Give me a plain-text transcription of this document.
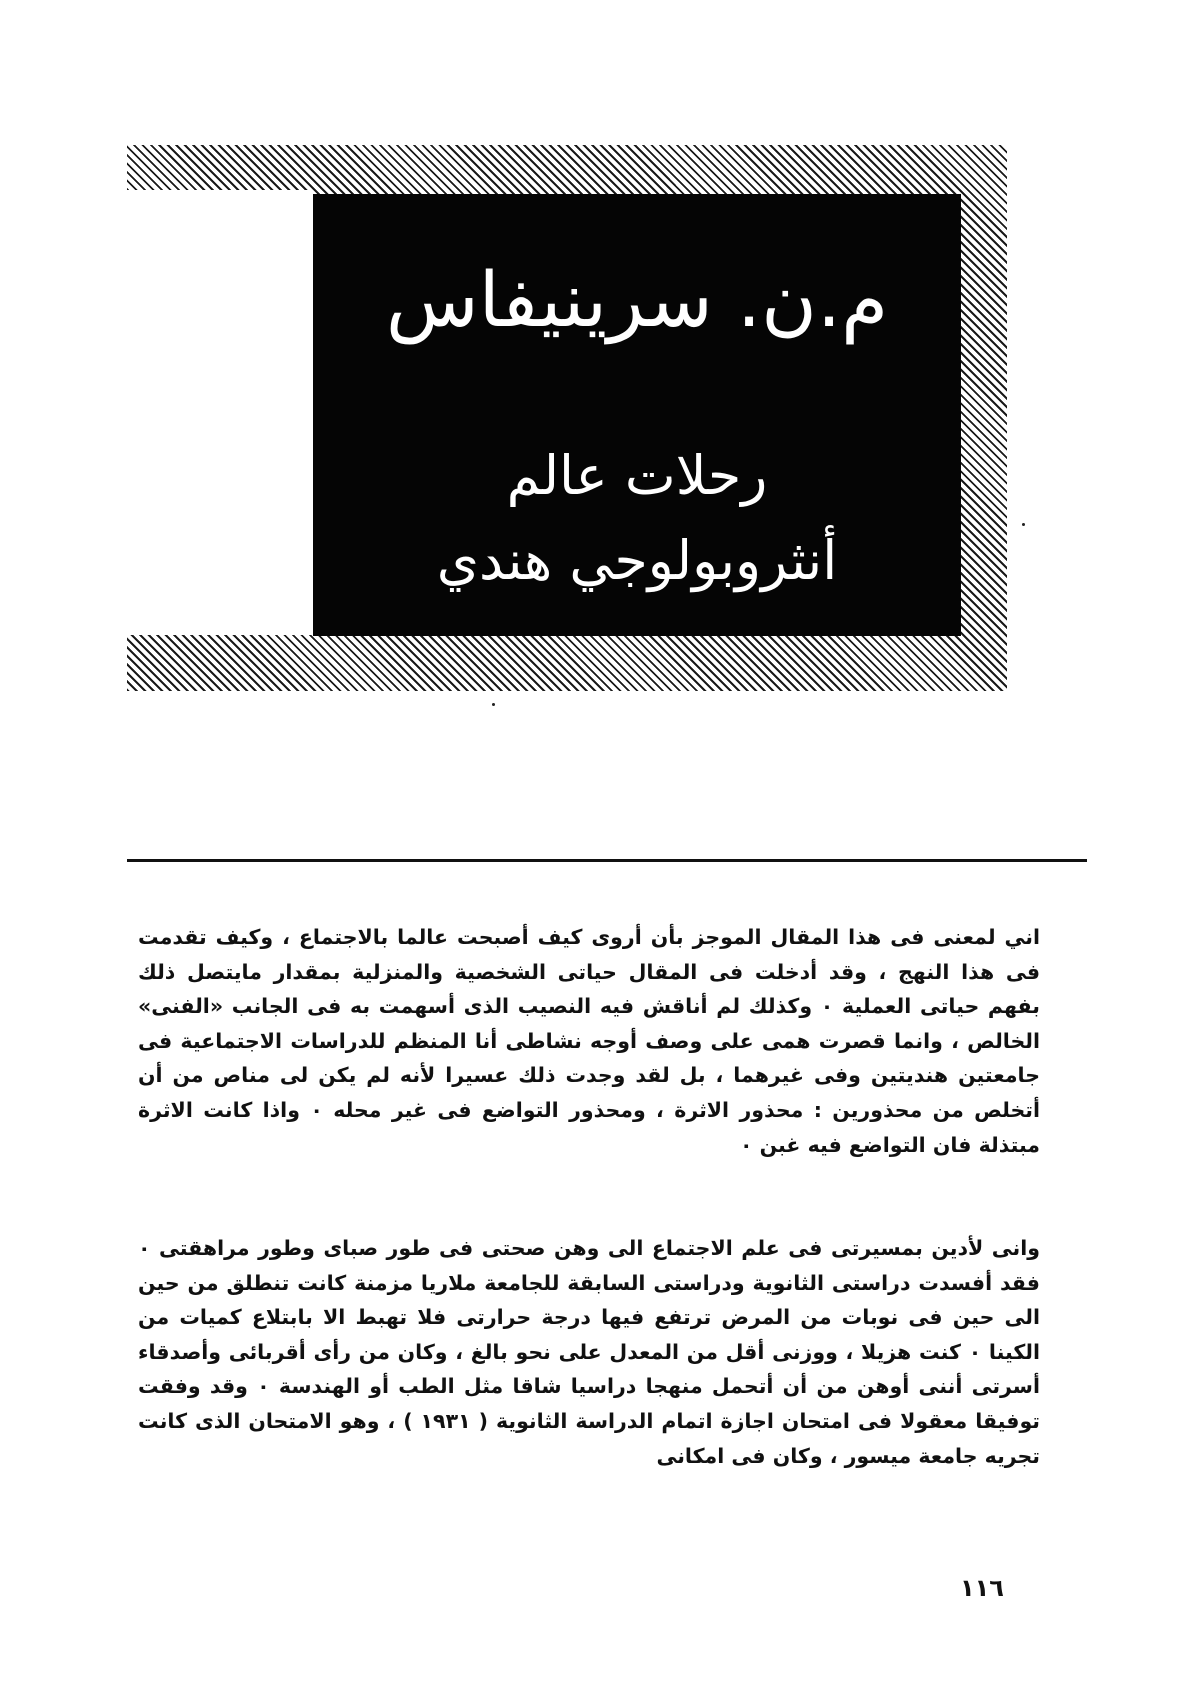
م.ن. سرينيفاس
رحلات عالم
أنثروبولوجي هندي

اني لمعنى فى هذا المقال الموجز بأن أروى كيف أصبحت عالما بالاجتماع ، وكيف تقدمت فى هذا النهج ، وقد أدخلت فى المقال حياتى الشخصية والمنزلية بمقدار مايتصل ذلك بفهم حياتى العملية ٠ وكذلك لم أناقش فيه النصيب الذى أسهمت به فى الجانب «الفنى» الخالص ، وانما قصرت همى على وصف أوجه نشاطى أنا المنظم للدراسات الاجتماعية فى جامعتين هنديتين وفى غيرهما ، بل لقد وجدت ذلك عسيرا لأنه لم يكن لى مناص من أن أتخلص من محذورين : محذور الاثرة ، ومحذور التواضع فى غير محله ٠ واذا كانت الاثرة مبتذلة فان التواضع فيه غبن ٠

وانى لأدين بمسيرتى فى علم الاجتماع الى وهن صحتى فى طور صباى وطور مراهقتى ٠ فقد أفسدت دراستى الثانوية ودراستى السابقة للجامعة ملاريا مزمنة كانت تنطلق من حين الى حين فى نوبات من المرض ترتفع فيها درجة حرارتى فلا تهبط الا بابتلاع كميات من الكينا ٠ كنت هزيلا ، ووزنى أقل من المعدل على نحو بالغ ، وكان من رأى أقربائى وأصدقاء أسرتى أننى أوهن من أن أتحمل منهجا دراسيا شاقا مثل الطب أو الهندسة ٠ وقد وفقت توفيقا معقولا فى امتحان اجازة اتمام الدراسة الثانوية ( ١٩٣١ ) ، وهو الامتحان الذى كانت تجريه جامعة ميسور ، وكان فى امكانى

١١٦
